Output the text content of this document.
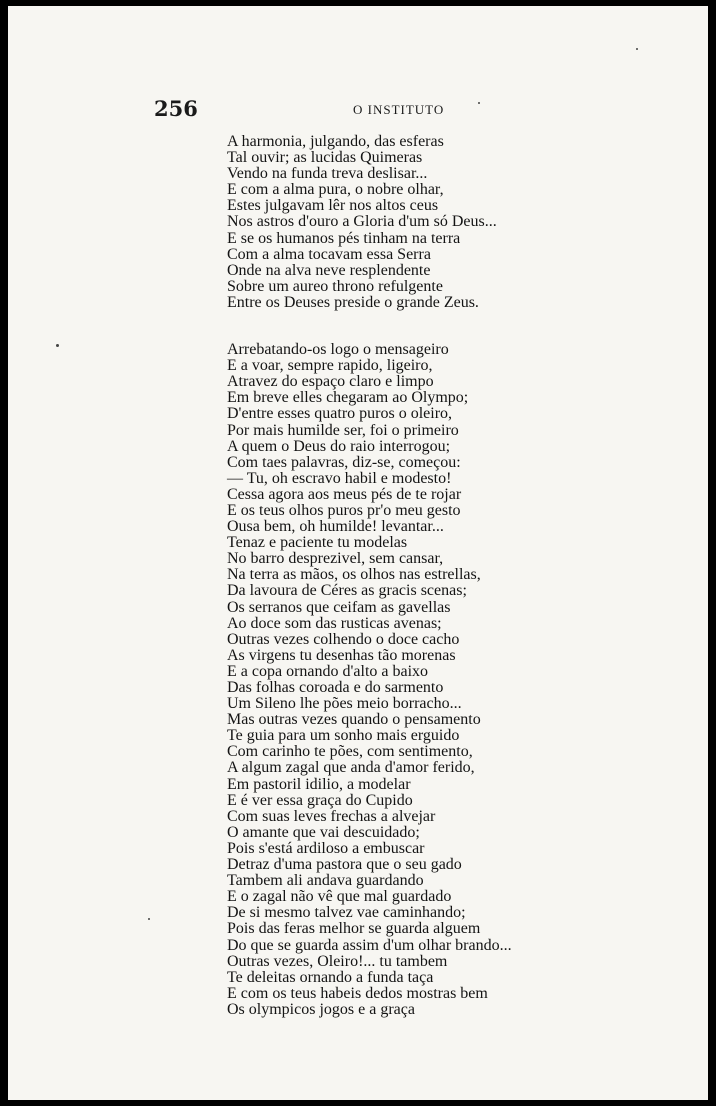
256	O INSTITUTO
A harmonia, julgando, das esferas
Tal ouvir; as lucidas Quimeras
Vendo na funda treva deslisar...
E com a alma pura, o nobre olhar,
Estes julgavam lêr nos altos ceus
Nos astros d'ouro a Gloria d'um só Deus...
E se os humanos pés tinham na terra
Com a alma tocavam essa Serra
Onde na alva neve resplendente
Sobre um aureo throno refulgente
Entre os Deuses preside o grande Zeus.
Arrebatando-os logo o mensageiro
E a voar, sempre rapido, ligeiro,
Atravez do espaço claro e limpo
Em breve elles chegaram ao Olympo;
D'entre esses quatro puros o oleiro,
Por mais humilde ser, foi o primeiro
A quem o Deus do raio interrogou;
Com taes palavras, diz-se, começou:
— Tu, oh escravo habil e modesto!
Cessa agora aos meus pés de te rojar
E os teus olhos puros pr'o meu gesto
Ousa bem, oh humilde! levantar...
Tenaz e paciente tu modelas
No barro desprezivel, sem cansar,
Na terra as mãos, os olhos nas estrellas,
Da lavoura de Céres as gracis scenas;
Os serranos que ceifam as gavellas
Ao doce som das rusticas avenas;
Outras vezes colhendo o doce cacho
As virgens tu desenhas tão morenas
E a copa ornando d'alto a baixo
Das folhas coroada e do sarmento
Um Sileno lhe pões meio borracho...
Mas outras vezes quando o pensamento
Te guia para um sonho mais erguido
Com carinho te pões, com sentimento,
A algum zagal que anda d'amor ferido,
Em pastoril idilio, a modelar
E é ver essa graça do Cupido
Com suas leves frechas a alvejar
O amante que vai descuidado;
Pois s'está ardiloso a embuscar
Detraz d'uma pastora que o seu gado
Tambem ali andava guardando
E o zagal não vê que mal guardado
De si mesmo talvez vae caminhando;
Pois das feras melhor se guarda alguem
Do que se guarda assim d'um olhar brando...
Outras vezes, Oleiro!... tu tambem
Te deleitas ornando a funda taça
E com os teus habeis dedos mostras bem
Os olympicos jogos e a graça
